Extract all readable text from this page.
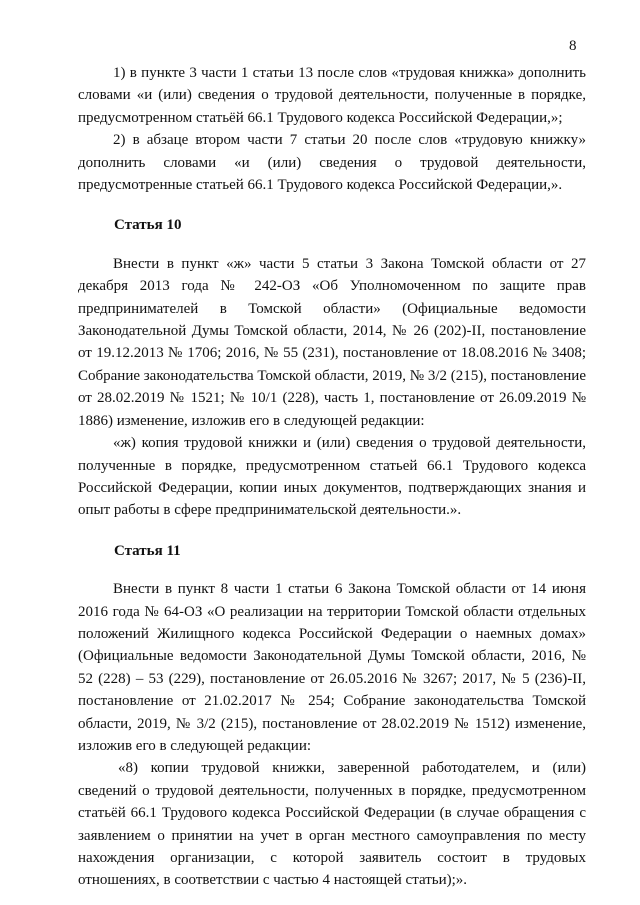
8

1) в пункте 3 части 1 статьи 13 после слов «трудовая книжка» дополнить словами «и (или) сведения о трудовой деятельности, полученные в порядке, предусмотренном статьёй 66.1 Трудового кодекса Российской Федерации,»;

2) в абзаце втором части 7 статьи 20 после слов «трудовую книжку» дополнить словами «и (или) сведения о трудовой деятельности, предусмотренные статьей 66.1 Трудового кодекса Российской Федерации,».

Статья 10

Внести в пункт «ж» части 5 статьи 3 Закона Томской области от 27 декабря 2013 года № 242-ОЗ «Об Уполномоченном по защите прав предпринимателей в Томской области» (Официальные ведомости Законодательной Думы Томской области, 2014, № 26 (202)-II, постановление от 19.12.2013 № 1706; 2016, № 55 (231), постановление от 18.08.2016 № 3408; Собрание законодательства Томской области, 2019, № 3/2 (215), постановление от 28.02.2019 № 1521; № 10/1 (228), часть 1, постановление от 26.09.2019 № 1886) изменение, изложив его в следующей редакции:

«ж) копия трудовой книжки и (или) сведения о трудовой деятельности, полученные в порядке, предусмотренном статьей 66.1 Трудового кодекса Российской Федерации, копии иных документов, подтверждающих знания и опыт работы в сфере предпринимательской деятельности.».

Статья 11

Внести в пункт 8 части 1 статьи 6 Закона Томской области от 14 июня 2016 года № 64-ОЗ «О реализации на территории Томской области отдельных положений Жилищного кодекса Российской Федерации о наемных домах» (Официальные ведомости Законодательной Думы Томской области, 2016, № 52 (228) – 53 (229), постановление от 26.05.2016 № 3267; 2017, № 5 (236)-II, постановление от 21.02.2017 № 254; Собрание законодательства Томской области, 2019, № 3/2 (215), постановление от 28.02.2019 № 1512) изменение, изложив его в следующей редакции:

«8) копии трудовой книжки, заверенной работодателем, и (или) сведений о трудовой деятельности, полученных в порядке, предусмотренном статьёй 66.1 Трудового кодекса Российской Федерации (в случае обращения с заявлением о принятии на учет в орган местного самоуправления по месту нахождения организации, с которой заявитель состоит в трудовых отношениях, в соответствии с частью 4 настоящей статьи);».
